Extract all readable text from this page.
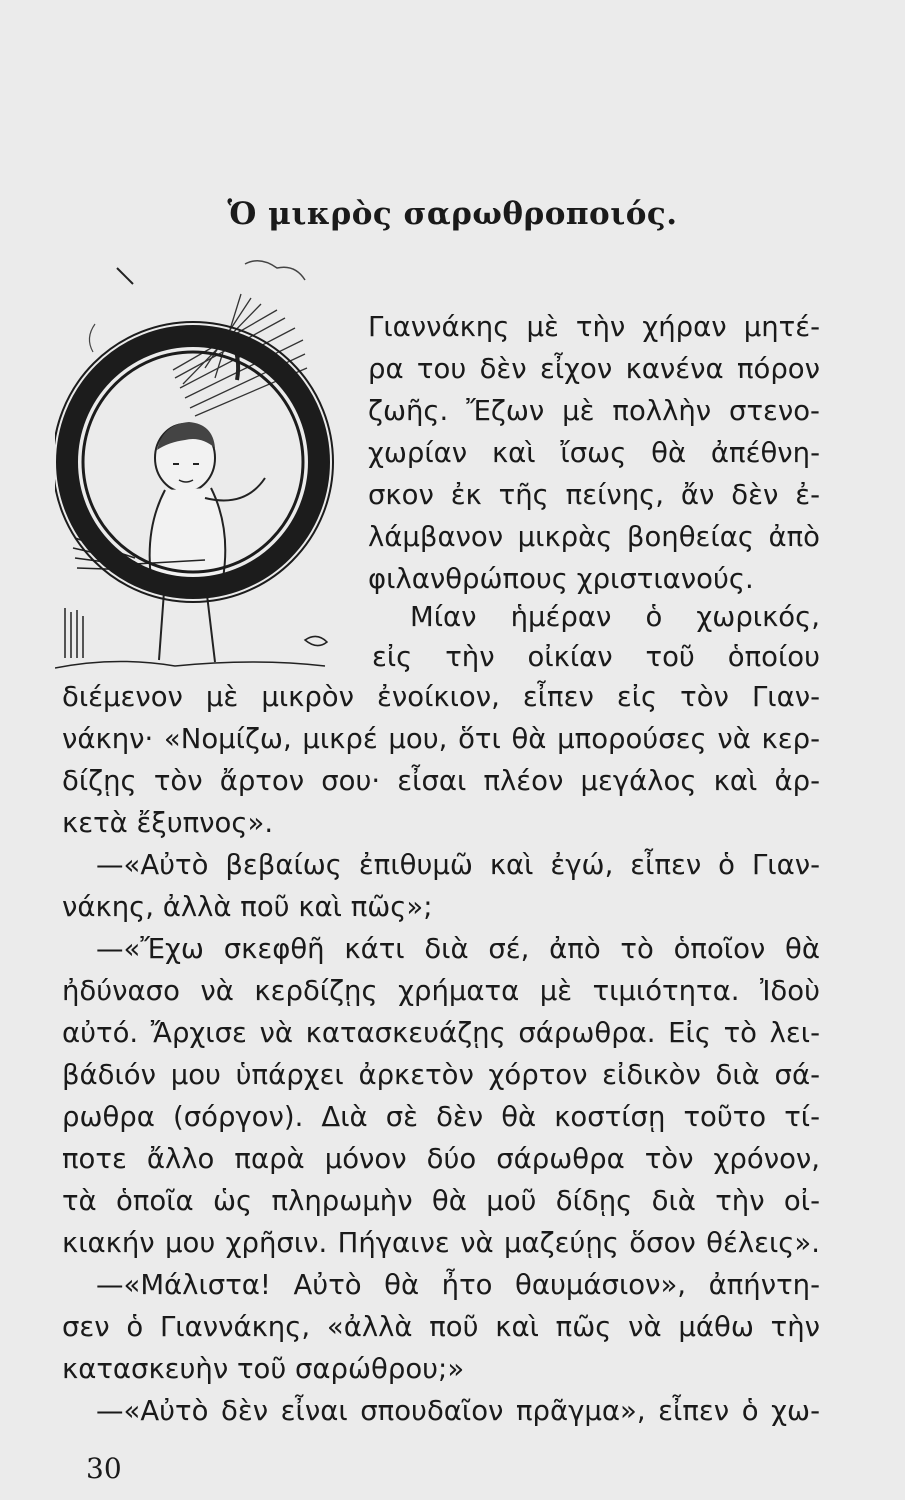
Ὁ μικρὸς σαρωθροποιός.
Γιαννάκης μὲ τὴν χήραν μητέ-
ρα του δὲν εἶχον κανένα πόρον
ζωῆς. Ἔζων μὲ πολλὴν στενο-
χωρίαν καὶ ἴσως θὰ ἀπέθνη-
σκον ἐκ τῆς πείνης, ἄν δὲν ἐ-
λάμβανον μικρὰς βοηθείας ἀπὸ
φιλανθρώπους χριστιανούς.
Μίαν ἡμέραν ὁ χωρικός,
εἰς τὴν οἰκίαν τοῦ ὁποίου
διέμενον μὲ μικρὸν ἐνοίκιον, εἶπεν εἰς τὸν Γιαν-
νάκην· «Νομίζω, μικρέ μου, ὅτι θὰ μπορούσες νὰ κερ-
δίζῃς τὸν ἄρτον σου· εἶσαι πλέον μεγάλος καὶ ἀρ-
κετὰ ἔξυπνος».
—«Αὐτὸ βεβαίως ἐπιθυμῶ καὶ ἐγώ, εἶπεν ὁ Γιαν-
νάκης, ἀλλὰ ποῦ καὶ πῶς»;
—«Ἔχω σκεφθῆ κάτι διὰ σέ, ἀπὸ τὸ ὁποῖον θὰ
ἠδύνασο νὰ κερδίζῃς χρήματα μὲ τιμιότητα. Ἰδοὺ
αὐτό. Ἄρχισε νὰ κατασκευάζῃς σάρωθρα. Εἰς τὸ λει-
βάδιόν μου ὑπάρχει ἀρκετὸν χόρτον εἰδικὸν διὰ σά-
ρωθρα (σόργον). Διὰ σὲ δὲν θὰ κοστίσῃ τοῦτο τί-
ποτε ἄλλο παρὰ μόνον δύο σάρωθρα τὸν χρόνον,
τὰ ὁποῖα ὡς πληρωμὴν θὰ μοῦ δίδῃς διὰ τὴν οἰ-
κιακήν μου χρῆσιν. Πήγαινε νὰ μαζεύῃς ὅσον θέλεις».
—«Μάλιστα! Αὐτὸ θὰ ἦτο θαυμάσιον», ἀπήντη-
σεν ὁ Γιαννάκης, «ἀλλὰ ποῦ καὶ πῶς νὰ μάθω τὴν
κατασκευὴν τοῦ σαρώθρου;»
—«Αὐτὸ δὲν εἶναι σπουδαῖον πρᾶγμα», εἶπεν ὁ χω-
30
